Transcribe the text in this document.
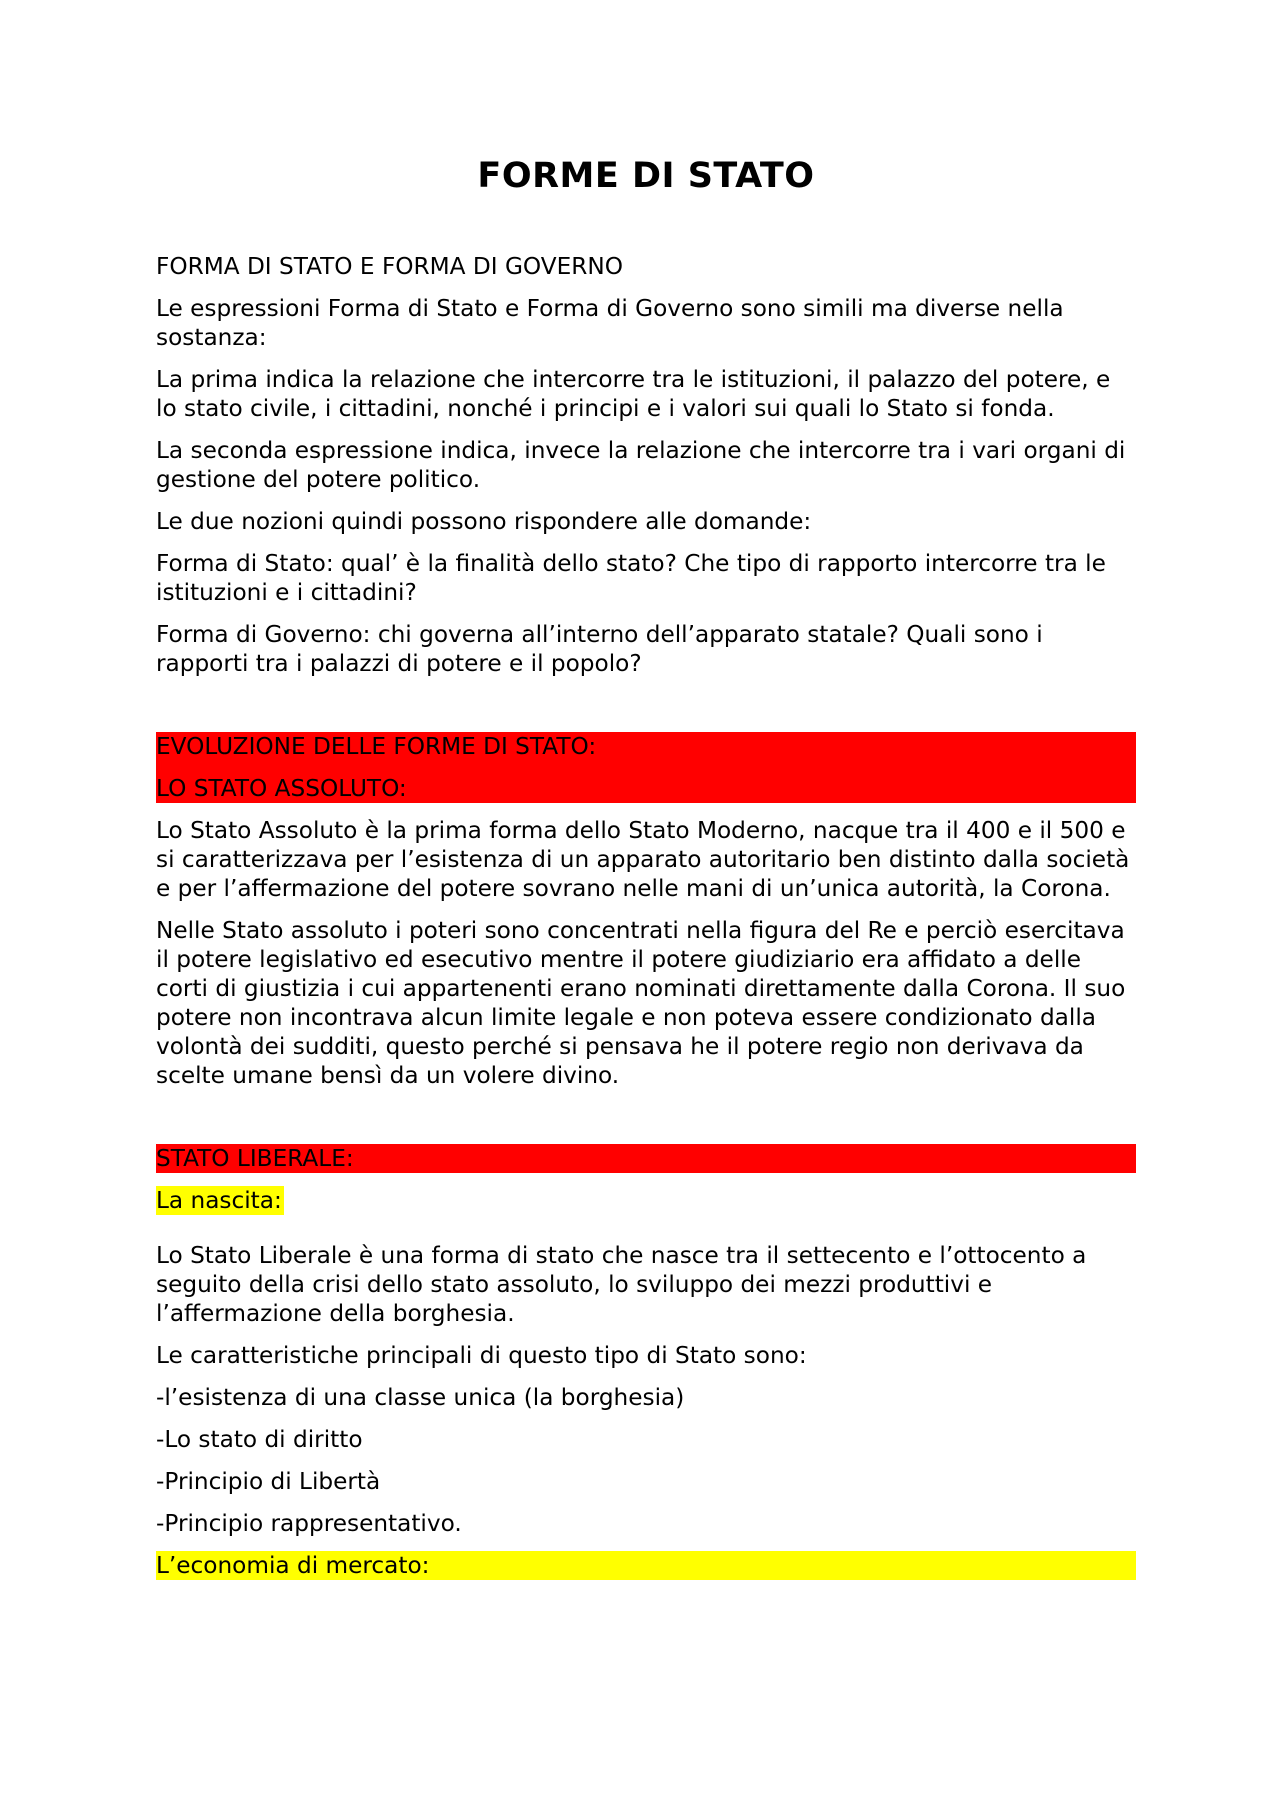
FORME DI STATO

FORMA DI STATO E FORMA DI GOVERNO

Le espressioni Forma di Stato e Forma di Governo sono simili ma diverse nella sostanza:

La prima indica la relazione che intercorre tra le istituzioni, il palazzo del potere, e lo stato civile, i cittadini, nonché i principi e i valori sui quali lo Stato si fonda.

La seconda espressione indica, invece la relazione che intercorre tra i vari organi di gestione del potere politico.

Le due nozioni quindi possono rispondere alle domande:

Forma di Stato: qual’ è la finalità dello stato? Che tipo di rapporto intercorre tra le istituzioni e i cittadini?

Forma di Governo: chi governa all’interno dell’apparato statale? Quali sono i rapporti tra i palazzi di potere e il popolo?

EVOLUZIONE DELLE FORME DI STATO:

LO STATO ASSOLUTO:

Lo Stato Assoluto è la prima forma dello Stato Moderno, nacque tra il 400 e il 500 e si caratterizzava per l’esistenza di un apparato autoritario ben distinto dalla società e per l’affermazione del potere sovrano nelle mani di un’unica autorità, la Corona.

Nelle Stato assoluto i poteri sono concentrati nella figura del Re e perciò esercitava il potere legislativo ed esecutivo mentre il potere giudiziario era affidato a delle corti di giustizia i cui appartenenti erano nominati direttamente dalla Corona. Il suo potere non incontrava alcun limite legale e non poteva essere condizionato dalla volontà dei sudditi, questo perché si pensava he il potere regio non derivava da scelte umane bensì da un volere divino.

STATO LIBERALE:

La nascita:

Lo Stato Liberale è una forma di stato che nasce tra il settecento e l’ottocento a seguito della crisi dello stato assoluto, lo sviluppo dei mezzi produttivi e l’affermazione della borghesia.

Le caratteristiche principali di questo tipo di Stato sono:

-l’esistenza di una classe unica (la borghesia)

-Lo stato di diritto

-Principio di Libertà

-Principio rappresentativo.

L’economia di mercato:
